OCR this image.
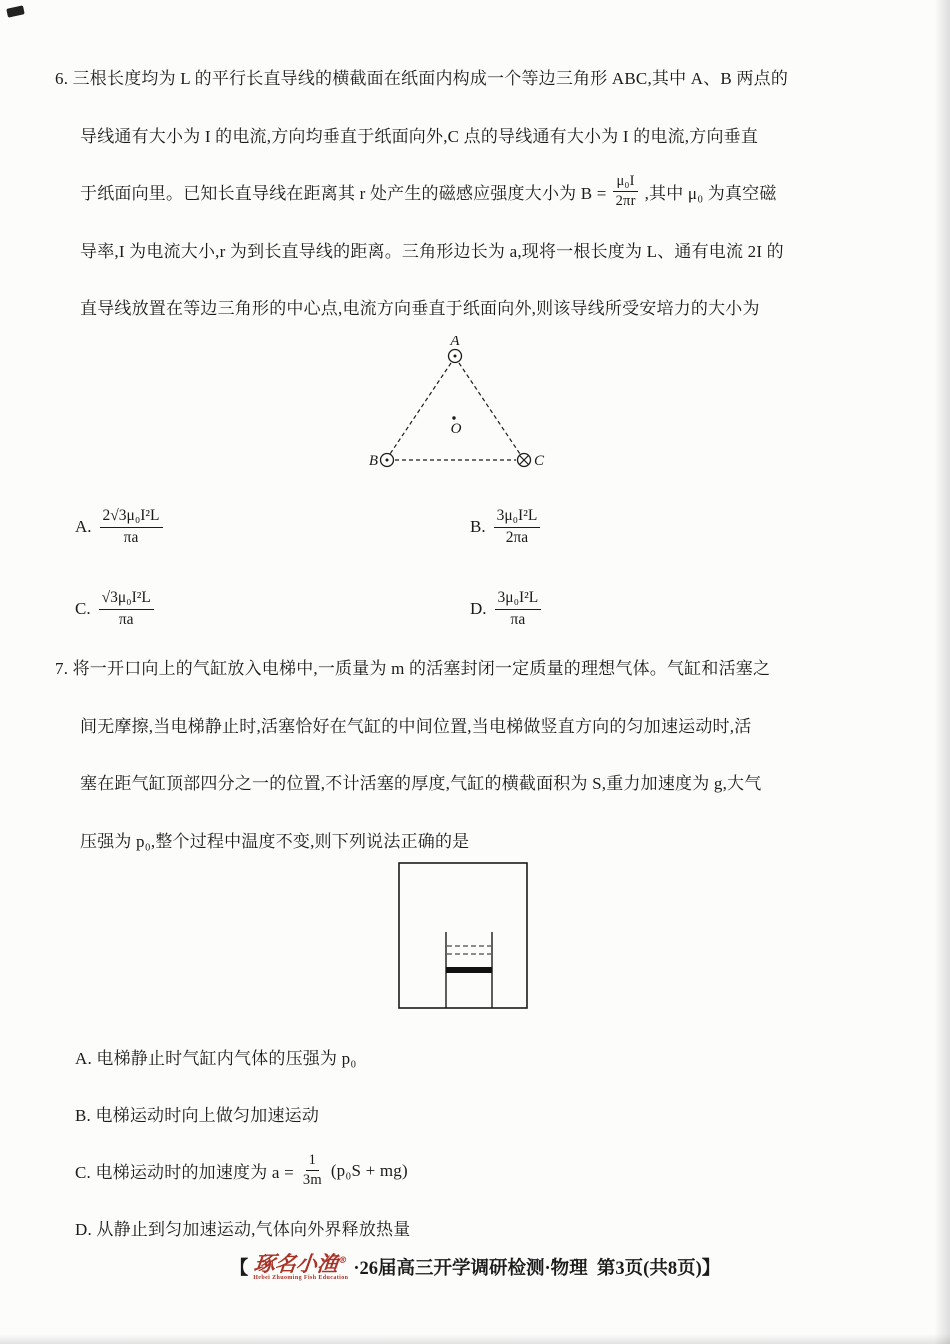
6. 三根长度均为 L 的平行长直导线的横截面在纸面内构成一个等边三角形 ABC,其中 A、B 两点的
导线通有大小为 I 的电流,方向均垂直于纸面向外,C 点的导线通有大小为 I 的电流,方向垂直
于纸面向里。已知长直导线在距离其 r 处产生的磁感应强度大小为 $B = \frac{\text{μ₀I}}{2\pi r}$ ,其中 μ₀ 为真空磁
导率,I 为电流大小,r 为到长直导线的距离。三角形边长为 a,现将一根长度为 L、通有电流 2I 的
直导线放置在等边三角形的中心点,电流方向垂直于纸面向外,则该导线所受安培力的大小为
A
B	C
O
A. $\frac{\text{2√3μ₀I²L}}{\pi a}$	B. $\frac{\text{3μ₀I²L}}{2\pi a}$
C. $\frac{\text{√3μ₀I²L}}{\pi a}$	D. $\frac{\text{3μ₀I²L}}{\pi a}$
7. 将一开口向上的气缸放入电梯中,一质量为 m 的活塞封闭一定质量的理想气体。气缸和活塞之
间无摩擦,当电梯静止时,活塞恰好在气缸的中间位置,当电梯做竖直方向的匀加速运动时,活
塞在距气缸顶部四分之一的位置,不计活塞的厚度,气缸的横截面积为 S,重力加速度为 g,大气
压强为 p₀,整个过程中温度不变,则下列说法正确的是
A. 电梯静止时气缸内气体的压强为 p₀
B. 电梯运动时向上做匀加速运动
C. 电梯运动时的加速度为 $a = \frac{1}{3m} (p_0S + mg)$
D. 从静止到匀加速运动,气体向外界释放热量
【 琢名小渔®
Hebei Zhuoming Fish Education ·26届高三开学调研检测·物理  第3页(共8页) 】
